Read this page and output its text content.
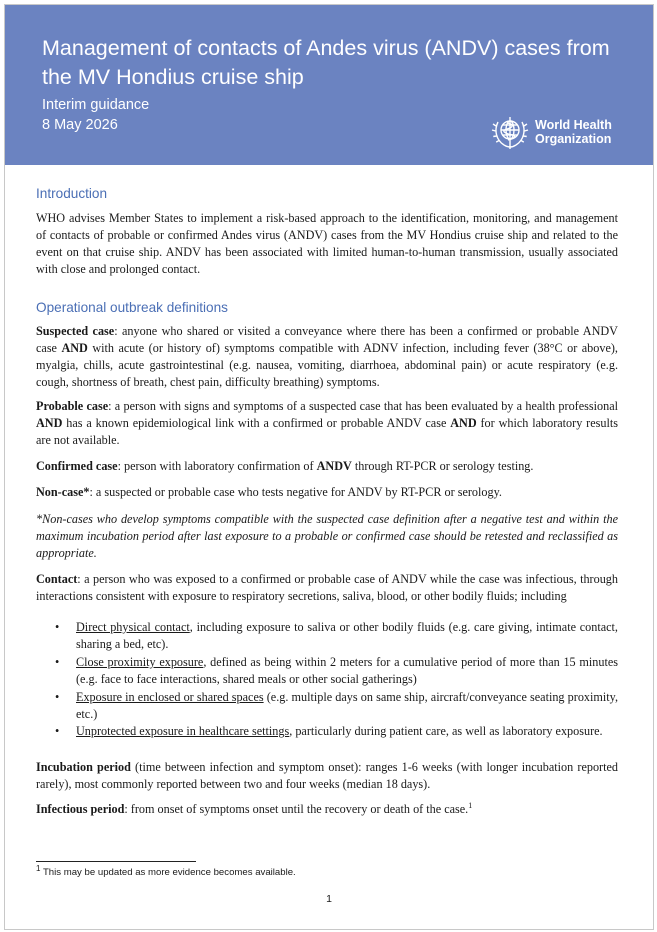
Management of contacts of Andes virus (ANDV) cases from the MV Hondius cruise ship

Interim guidance

8 May 2026	World Health
Organization
Introduction

WHO advises Member States to implement a risk-based approach to the identification, monitoring, and management of contacts of probable or confirmed Andes virus (ANDV) cases from the MV Hondius cruise ship and related to the event on that cruise ship. ANDV has been associated with limited human-to-human transmission, usually associated with close and prolonged contact.

Operational outbreak definitions

Suspected case: anyone who shared or visited a conveyance where there has been a confirmed or probable ANDV case AND with acute (or history of) symptoms compatible with ADNV infection, including fever (38°C or above), myalgia, chills, acute gastrointestinal (e.g. nausea, vomiting, diarrhoea, abdominal pain) or acute respiratory (e.g. cough, shortness of breath, chest pain, difficulty breathing) symptoms.

Probable case: a person with signs and symptoms of a suspected case that has been evaluated by a health professional AND has a known epidemiological link with a confirmed or probable ANDV case AND for which laboratory results are not available.

Confirmed case: person with laboratory confirmation of ANDV through RT-PCR or serology testing.

Non-case*: a suspected or probable case who tests negative for ANDV by RT-PCR or serology.

*Non-cases who develop symptoms compatible with the suspected case definition after a negative test and within the maximum incubation period after last exposure to a probable or confirmed case should be retested and reclassified as appropriate.

Contact: a person who was exposed to a confirmed or probable case of ANDV while the case was infectious, through interactions consistent with exposure to respiratory secretions, saliva, blood, or other bodily fluids; including

• Direct physical contact, including exposure to saliva or other bodily fluids (e.g. care giving, intimate contact, sharing a bed, etc).
• Close proximity exposure, defined as being within 2 meters for a cumulative period of more than 15 minutes (e.g. face to face interactions, shared meals or other social gatherings)
• Exposure in enclosed or shared spaces (e.g. multiple days on same ship, aircraft/conveyance seating proximity, etc.)
• Unprotected exposure in healthcare settings, particularly during patient care, as well as laboratory exposure.

Incubation period (time between infection and symptom onset): ranges 1-6 weeks (with longer incubation reported rarely), most commonly reported between two and four weeks (median 18 days).

Infectious period: from onset of symptoms onset until the recovery or death of the case.$^1$

$^1$ This may be updated as more evidence becomes available.

1
